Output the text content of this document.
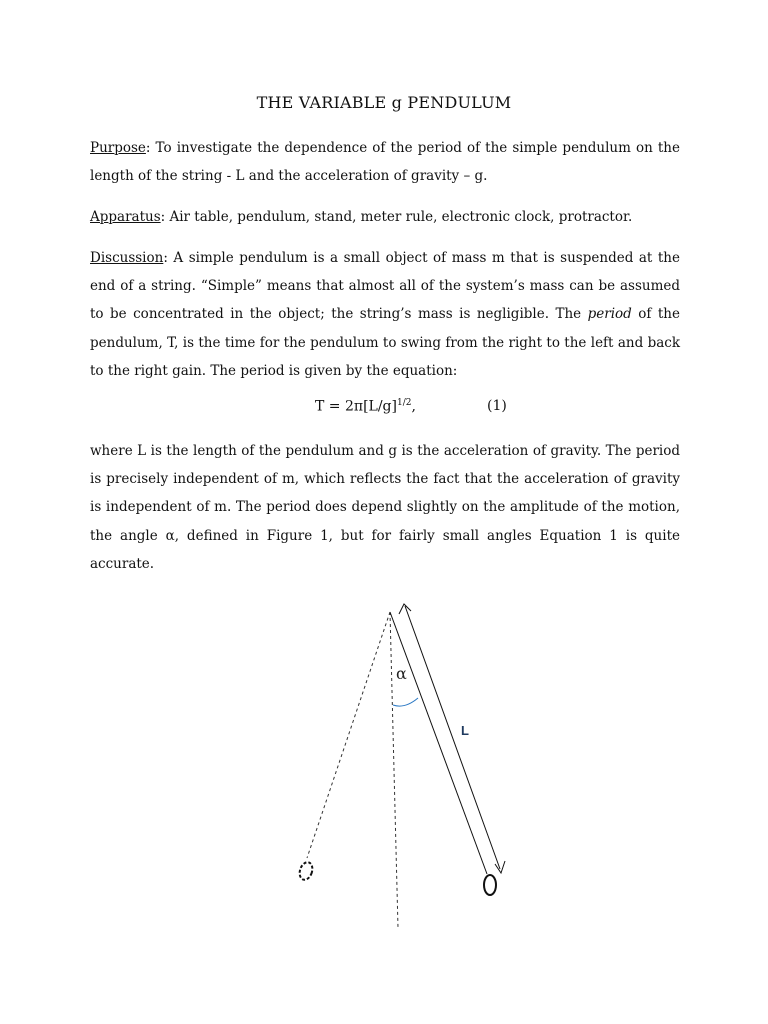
THE VARIABLE g PENDULUM

Purpose: To investigate the dependence of the period of the simple pendulum on the length of the string - L and the acceleration of gravity – g.

Apparatus: Air table, pendulum, stand, meter rule, electronic clock, protractor.

Discussion: A simple pendulum is a small object of mass m that is suspended at the end of a string. “Simple” means that almost all of the system’s mass can be assumed to be concentrated in the object; the string’s mass is negligible. The period of the pendulum, T, is the time for the pendulum to swing from the right to the left and back to the right gain. The period is given by the equation:

$T = 2\pi[L/g]^{1/2}$,	(1)

where L is the length of the pendulum and g is the acceleration of gravity. The period is precisely independent of m, which reflects the fact that the acceleration of gravity is independent of m. The period does depend slightly on the amplitude of the motion, the angle α, defined in Figure 1, but for fairly small angles Equation 1 is quite accurate.

α
L
